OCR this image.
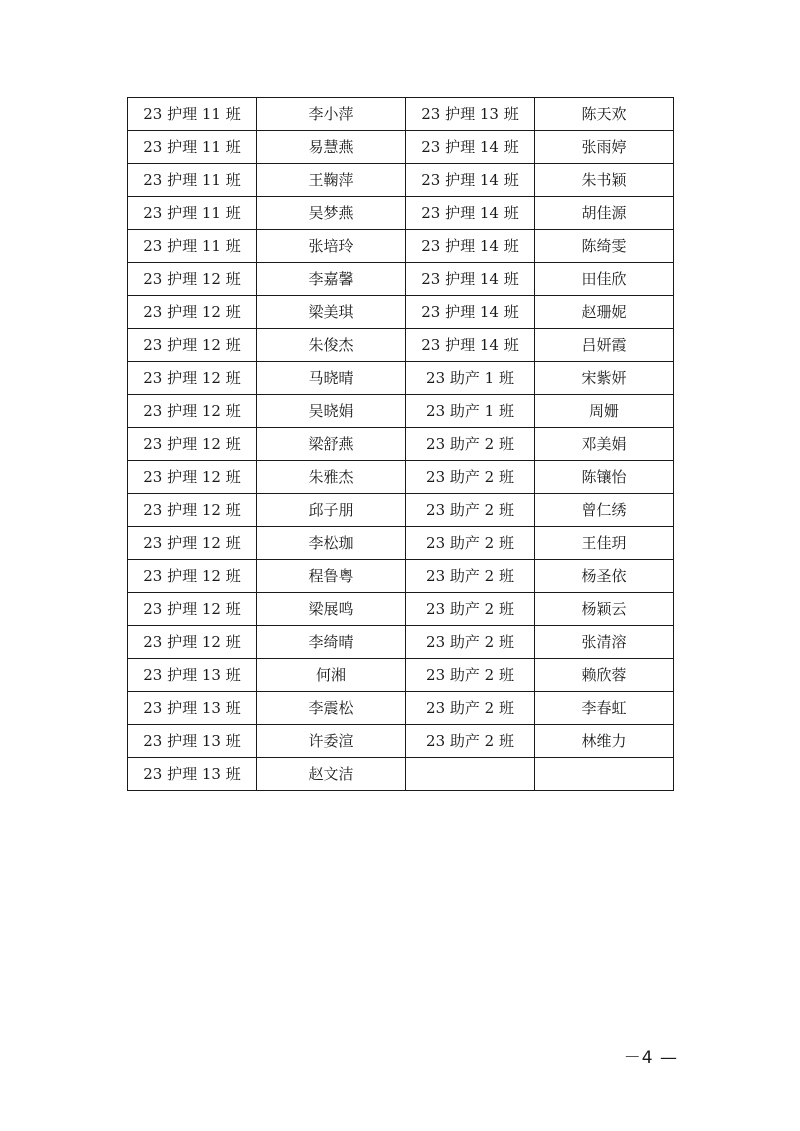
23 护理 11 班	李小萍	23 护理 13 班	陈天欢
23 护理 11 班	易慧燕	23 护理 14 班	张雨婷
23 护理 11 班	王鞠萍	23 护理 14 班	朱书颖
23 护理 11 班	吴梦燕	23 护理 14 班	胡佳源
23 护理 11 班	张培玲	23 护理 14 班	陈绮雯
23 护理 12 班	李嘉馨	23 护理 14 班	田佳欣
23 护理 12 班	梁美琪	23 护理 14 班	赵珊妮
23 护理 12 班	朱俊杰	23 护理 14 班	吕妍霞
23 护理 12 班	马晓晴	23 助产 1 班	宋紫妍
23 护理 12 班	吴晓娟	23 助产 1 班	周姗
23 护理 12 班	梁舒燕	23 助产 2 班	邓美娟
23 护理 12 班	朱雅杰	23 助产 2 班	陈镶怡
23 护理 12 班	邱子朋	23 助产 2 班	曾仁绣
23 护理 12 班	李松珈	23 助产 2 班	王佳玥
23 护理 12 班	程鲁粤	23 助产 2 班	杨圣依
23 护理 12 班	梁展鸣	23 助产 2 班	杨颖云
23 护理 12 班	李绮晴	23 助产 2 班	张清溶
23 护理 13 班	何湘	23 助产 2 班	赖欣蓉
23 护理 13 班	李震松	23 助产 2 班	李春虹
23 护理 13 班	许委渲	23 助产 2 班	林维力
23 护理 13 班	赵文洁		
－4 —
